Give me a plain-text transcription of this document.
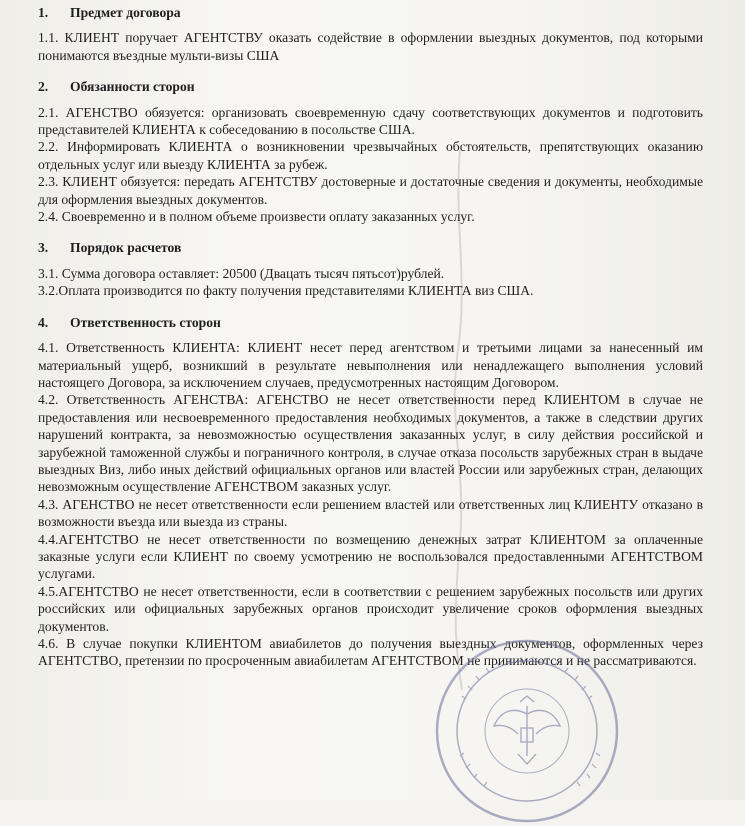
1. Предмет договора

1.1. КЛИЕНТ поручает АГЕНТСТВУ оказать содействие в оформлении выездных документов, под которыми понимаются въездные мульти-визы США

2. Обязанности сторон

2.1. АГЕНСТВО обязуется: организовать своевременную сдачу соответствующих документов и подготовить представителей КЛИЕНТА к собеседованию в посольстве США.

2.2. Информировать КЛИЕНТА о возникновении чрезвычайных обстоятельств, препятствующих оказанию отдельных услуг или выезду КЛИЕНТА за рубеж.

2.3. КЛИЕНТ обязуется: передать АГЕНТСТВУ достоверные и достаточные сведения и документы, необходимые для оформления выездных документов.

2.4. Своевременно и в полном объеме произвести оплату заказанных услуг.

3. Порядок расчетов

3.1. Сумма договора оставляет: 20500 (Двацать тысяч пятьсот)рублей.

3.2.Оплата производится по факту получения представителями КЛИЕНТА виз США.

4. Ответственность сторон

4.1. Ответственность КЛИЕНТА: КЛИЕНТ несет перед агентством и третьими лицами за нанесенный им материальный ущерб, возникший в результате невыполнения или ненадлежащего выполнения условий настоящего Договора, за исключением случаев, предусмотренных настоящим Договором.

4.2. Ответственность АГЕНСТВА: АГЕНСТВО не несет ответственности перед КЛИЕНТОМ в случае не предоставления или несвоевременного предоставления необходимых документов, а также в следствии других нарушений контракта, за невозможностью осуществления заказанных услуг, в силу действия российской и зарубежной таможенной службы и пограничного контроля, в случае отказа посольств зарубежных стран в выдаче выездных Виз, либо иных действий официальных органов или властей России или зарубежных стран, делающих невозможным осуществление АГЕНСТВОМ заказных услуг.

4.3. АГЕНСТВО не несет ответственности если решением властей или ответственных лиц КЛИЕНТУ отказано в возможности въезда или выезда из страны.

4.4.АГЕНТСТВО не несет ответственности по возмещению денежных затрат КЛИЕНТОМ за оплаченные заказные услуги если КЛИЕНТ по своему усмотрению не воспользовался предоставленными АГЕНТСТВОМ услугами.

4.5.АГЕНТСТВО не несет ответственности, если в соответствии с решением зарубежных посольств или других российских или официальных зарубежных органов происходит увеличение сроков оформления выездных документов.

4.6. В случае покупки КЛИЕНТОМ авиабилетов до получения выездных документов, оформленных через АГЕНТСТВО, претензии по просроченным авиабилетам АГЕНТСТВОМ не принимаются и не рассматриваются.
